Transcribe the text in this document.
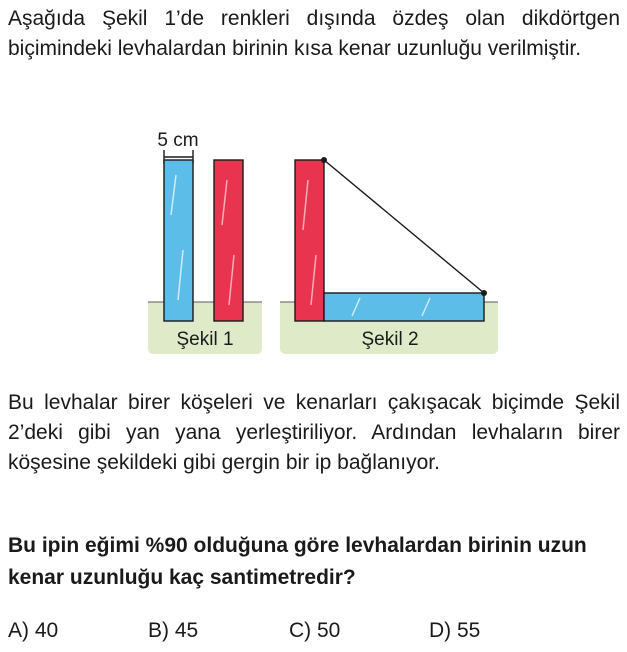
Aşağıda Şekil 1’de renkleri dışında özdeş olan dikdörtgen biçimindeki levhalardan birinin kısa kenar uzunluğu verilmiştir.

5 cm
Şekil 1	Şekil 2

Bu levhalar birer köşeleri ve kenarları çakışacak biçimde Şekil 2’deki gibi yan yana yerleştiriliyor. Ardından levhaların birer köşesine şekildeki gibi gergin bir ip bağlanıyor.

Bu ipin eğimi %90 olduğuna göre levhalardan birinin uzun kenar uzunluğu kaç santimetredir?

A) 40	B) 45	C) 50	D) 55
